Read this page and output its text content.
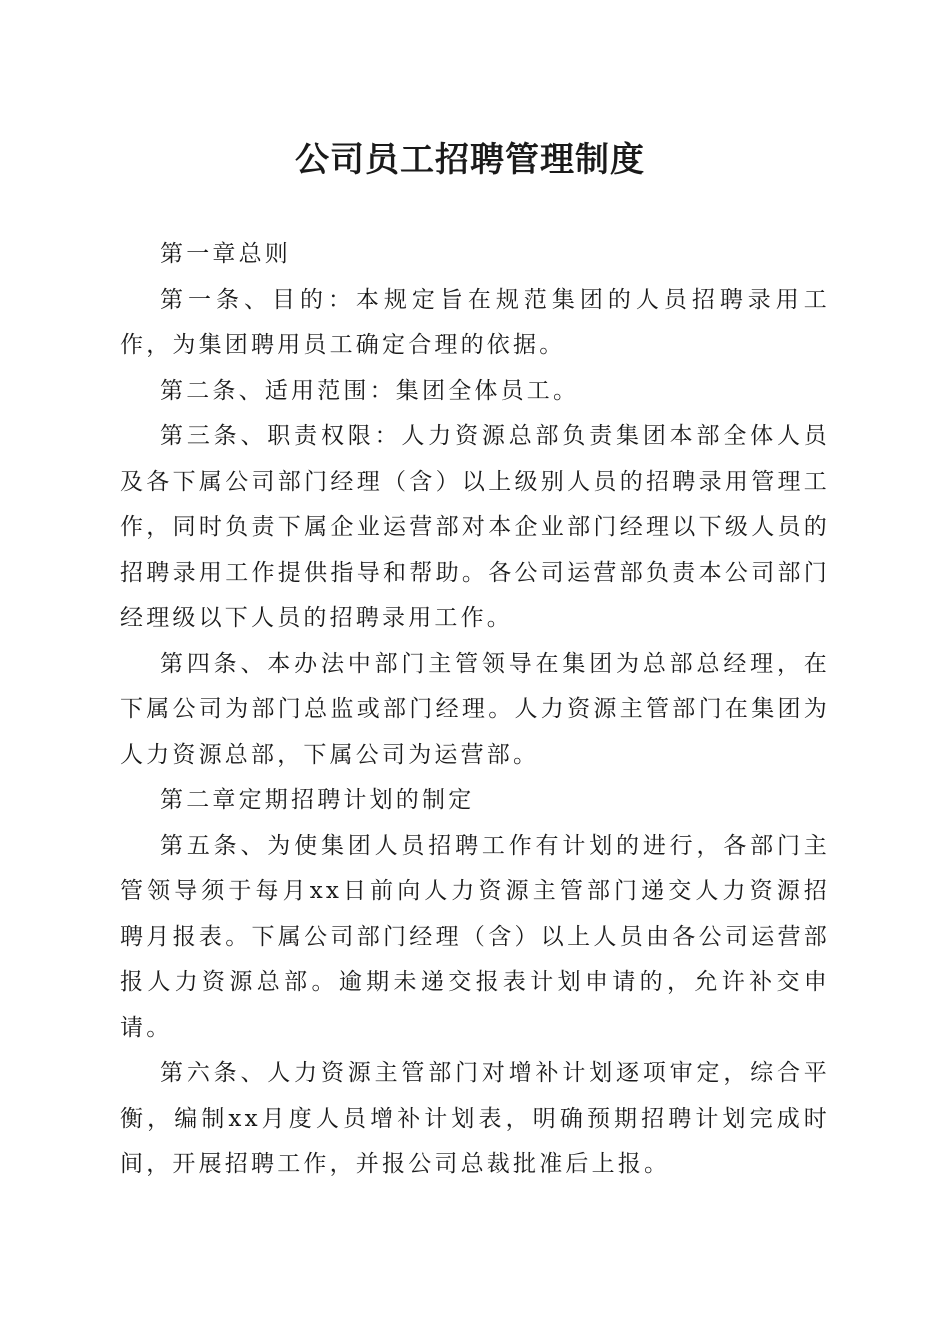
公司员工招聘管理制度

第一章总则

第一条、目的：本规定旨在规范集团的人员招聘录用工作，为集团聘用员工确定合理的依据。

第二条、适用范围：集团全体员工。

第三条、职责权限：人力资源总部负责集团本部全体人员及各下属公司部门经理（含）以上级别人员的招聘录用管理工作，同时负责下属企业运营部对本企业部门经理以下级人员的招聘录用工作提供指导和帮助。各公司运营部负责本公司部门经理级以下人员的招聘录用工作。

第四条、本办法中部门主管领导在集团为总部总经理，在下属公司为部门总监或部门经理。人力资源主管部门在集团为人力资源总部，下属公司为运营部。

第二章定期招聘计划的制定

第五条、为使集团人员招聘工作有计划的进行，各部门主管领导须于每月xx日前向人力资源主管部门递交人力资源招聘月报表。下属公司部门经理（含）以上人员由各公司运营部报人力资源总部。逾期未递交报表计划申请的，允许补交申请。

第六条、人力资源主管部门对增补计划逐项审定，综合平衡，编制xx月度人员增补计划表，明确预期招聘计划完成时间，开展招聘工作，并报公司总裁批准后上报。
